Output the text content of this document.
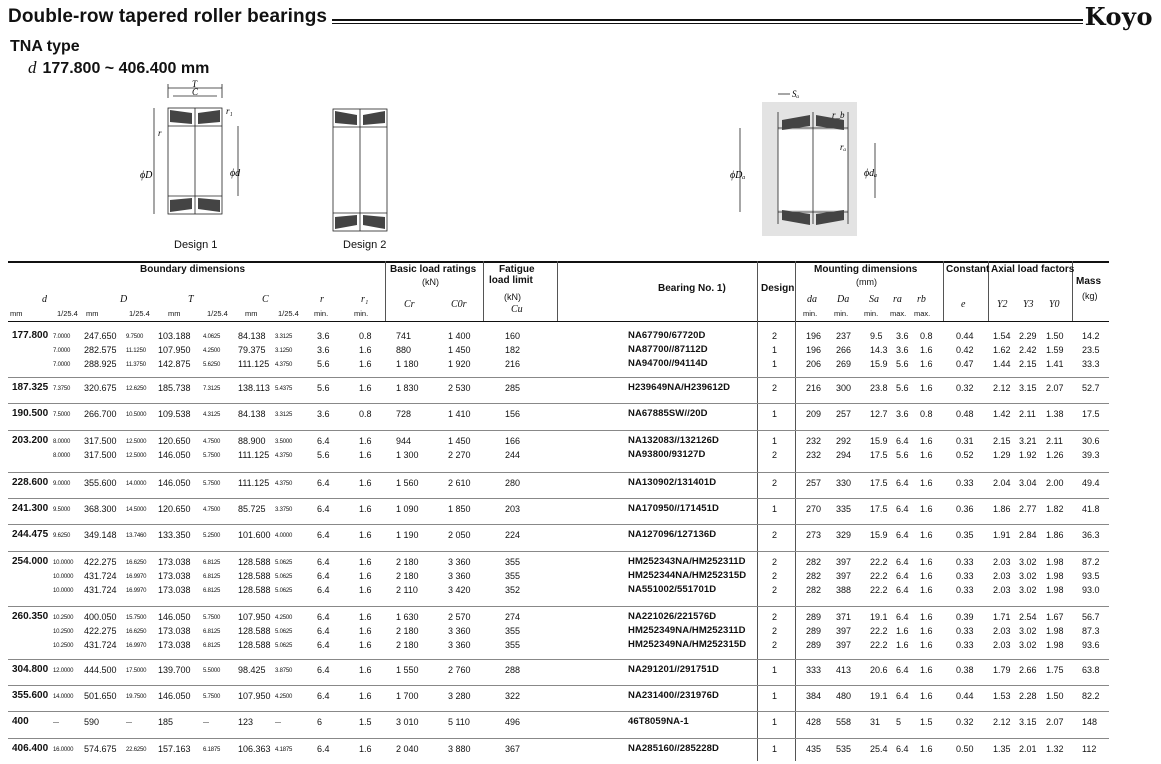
Double-row tapered roller bearings	Koyo
TNA type
d 177.800 ~ 406.400 mm
T
C
r₁
r
ϕD	ϕd
Design 1	Design 2
Sₐ
r_b
rₐ
ϕDₐ	ϕdₐ
Boundary dimensions	Basic load ratings
(kN)
Fatigue
load limit
(kN)
Bearing No. 1)	Design
Mounting dimensions
(mm)
Constant Axial load factors
Mass
(kg)
d	D	T	C	r	r₁	Cr	C0r	Cu
da Da Sa ra rb	e	Y2 Y3 Y0
mm	1/25.4 mm	1/25.4 mm	1/25.4 mm	1/25.4 min.	min.	min. min. min. max. max.
177.800 7.0000 247.650 9.7500 103.188 4.0625 84.138 3.3125	3.6	0.8	741	1 400	160	NA67790/67720D	2	196 237 9.5 3.6 0.8	0.44 1.54 2.29 1.50 14.2
7.0000 282.575 11.1250 107.950 4.2500 79.375 3.1250	3.6	1.6	880	1 450	182	NA87700//87112D	1	196 266 14.3 3.6 1.6	0.42 1.62 2.42 1.59 23.5
7.0000 288.925 11.3750 142.875 5.6250 111.125 4.3750	5.6	1.6	1 180	1 920	216	NA94700//94114D	1	206 269 15.9 5.6 1.6	0.47 1.44 2.15 1.41 33.3
187.325 7.3750 320.675 12.6250 185.738 7.3125 138.113 5.4375	5.6	1.6	1 830	2 530	285	H239649NA/H239612D	2	216 300 23.8 5.6 1.6	0.32 2.12 3.15 2.07 52.7
190.500 7.5000 266.700 10.5000 109.538 4.3125 84.138 3.3125	3.6	0.8	728	1 410	156	NA67885SW//20D	1	209 257 12.7 3.6 0.8	0.48 1.42 2.11 1.38 17.5
203.200 8.0000 317.500 12.5000 120.650 4.7500 88.900 3.5000	6.4	1.6	944	1 450	166	NA132083//132126D	1	232 292 15.9 6.4 1.6	0.31 2.15 3.21 2.11 30.6
8.0000 317.500 12.5000 146.050 5.7500 111.125 4.3750	5.6	1.6	1 300	2 270	244	NA93800/93127D	2	232 294 17.5 5.6 1.6	0.52 1.29 1.92 1.26 39.3
228.600 9.0000 355.600 14.0000 146.050 5.7500 111.125 4.3750	6.4	1.6	1 560	2 610	280	NA130902/131401D	2	257 330 17.5 6.4 1.6	0.33 2.04 3.04 2.00 49.4
241.300 9.5000 368.300 14.5000 120.650 4.7500 85.725 3.3750	6.4	1.6	1 090	1 850	203	NA170950//171451D	1	270 335 17.5 6.4 1.6	0.36 1.86 2.77 1.82 41.8
244.475 9.6250 349.148 13.7460 133.350 5.2500 101.600 4.0000	6.4	1.6	1 190	2 050	224	NA127096/127136D	2	273 329 15.9 6.4 1.6	0.35 1.91 2.84 1.86 36.3
254.000 10.0000 422.275 16.6250 173.038 6.8125 128.588 5.0625	6.4	1.6	2 180	3 360	355	HM252343NA/HM252311D	2	282 397 22.2 6.4 1.6	0.33 2.03 3.02 1.98 87.2
10.0000 431.724 16.9970 173.038 6.8125 128.588 5.0625	6.4	1.6	2 180	3 360	355	HM252344NA/HM252315D	2	282 397 22.2 6.4 1.6	0.33 2.03 3.02 1.98 93.5
10.0000 431.724 16.9970 173.038 6.8125 128.588 5.0625	6.4	1.6	2 110	3 420	352	NA551002/551701D	2	282 388 22.2 6.4 1.6	0.33 2.03 3.02 1.98 93.0
260.350 10.2500 400.050 15.7500 146.050 5.7500 107.950 4.2500	6.4	1.6	1 630	2 570	274	NA221026/221576D	2	289 371 19.1 6.4 1.6	0.39 1.71 2.54 1.67 56.7
10.2500 422.275 16.6250 173.038 6.8125 128.588 5.0625	6.4	1.6	2 180	3 360	355	HM252349NA/HM252311D	2	289 397 22.2 1.6 1.6	0.33 2.03 3.02 1.98 87.3
10.2500 431.724 16.9970 173.038 6.8125 128.588 5.0625	6.4	1.6	2 180	3 360	355	HM252349NA/HM252315D	2	289 397 22.2 1.6 1.6	0.33 2.03 3.02 1.98 93.6
304.800 12.0000 444.500 17.5000 139.700 5.5000 98.425 3.8750	6.4	1.6	1 550	2 760	288	NA291201//291751D	1	333 413 20.6 6.4 1.6	0.38 1.79 2.66 1.75 63.8
355.600 14.0000 501.650 19.7500 146.050 5.7500 107.950 4.2500	6.4	1.6	1 700	3 280	322	NA231400//231976D	1	384 480 19.1 6.4 1.6	0.44 1.53 2.28 1.50 82.2
400	—	590	—	185	—	123	—	6	1.5	3 010	5 110	496	46T8059NA-1	1	428 558 31 5 1.5	0.32 2.12 3.15 2.07 148
406.400 16.0000 574.675 22.6250 157.163 6.1875 106.363 4.1875	6.4	1.6	2 040	3 880	367	NA285160//285228D	1	435 535 25.4 6.4 1.6	0.50 1.35 2.01 1.32 112
